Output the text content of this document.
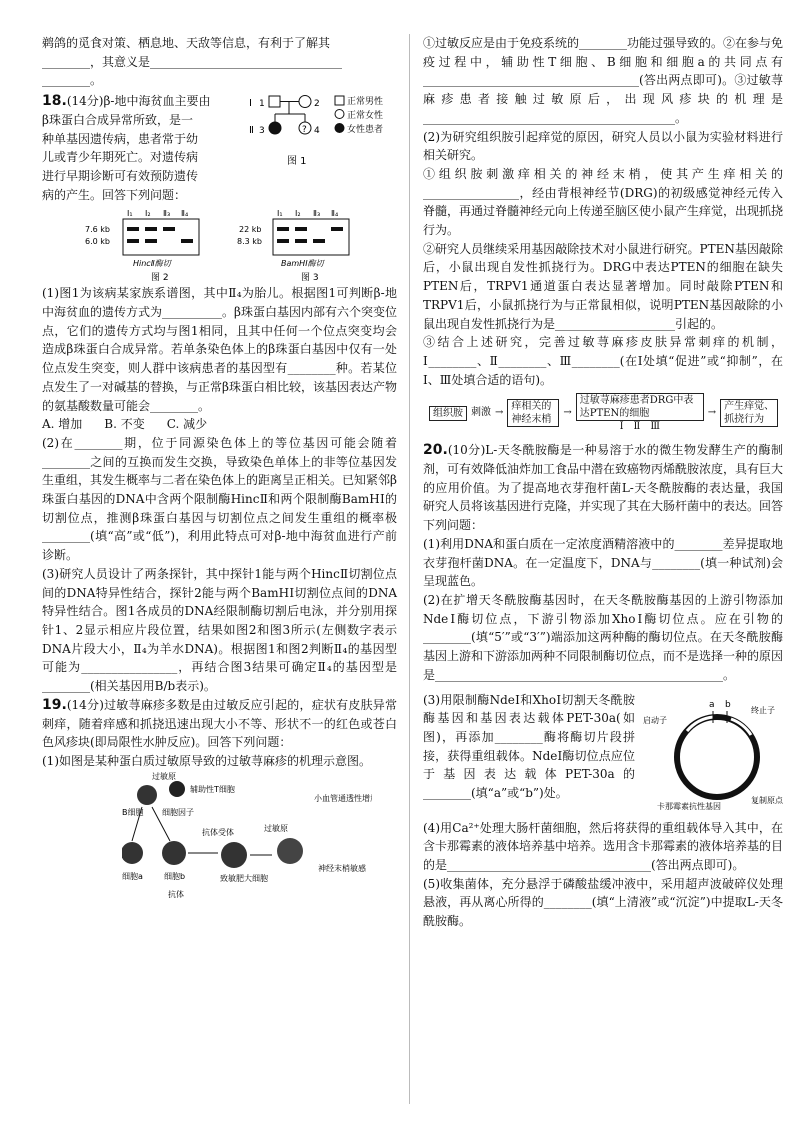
鹈鸽的觅食对策、栖息地、天敌等信息，有利于了解其

________，其意义是________________________________

________。

18.(14分)β-地中海贫血主要由

β珠蛋白合成异常所致，是一

种单基因遗传病，患者常于幼

儿或青少年期死亡。对遗传病

进行早期诊断可有效预防遗传

病的产生。回答下列问题：

Ⅰ 1	2
Ⅱ 3	? 4
图 1
正常男性
正常女性
女性患者
Ⅰ₁ Ⅰ₂ Ⅱ₃ Ⅱ₄
7.6 kb
6.0 kb
HincⅡ酶切
图 2
Ⅰ₁ Ⅰ₂ Ⅱ₃ Ⅱ₄
22 kb
8.3 kb
BamHⅠ酶切
图 3

(1)图1为该病某家族系谱图，其中Ⅱ₄为胎儿。根据图1可判断β-地中海贫血的遗传方式为__________。β珠蛋白基因内部有六个突变位点，它们的遗传方式均与图1相同，且其中任何一个位点突变均会造成β珠蛋白合成异常。若单条染色体上的β珠蛋白基因中仅有一处位点发生突变，则人群中该病患者的基因型有________种。若某位点发生了一对碱基的替换，与正常β珠蛋白相比较，该基因表达产物的氨基酸数量可能会________。

A. 增加 B. 不变 C. 减少

(2)在________期，位于同源染色体上的等位基因可能会随着________之间的互换而发生交换，导致染色单体上的非等位基因发生重组，其发生概率与二者在染色体上的距离呈正相关。已知紧邻β珠蛋白基因的DNA中含两个限制酶HincⅡ和两个限制酶BamHⅠ的切割位点，推测β珠蛋白基因与切割位点之间发生重组的概率极________(填“高”或“低”)，利用此特点可对β-地中海贫血进行产前诊断。

(3)研究人员设计了两条探针，其中探针1能与两个HincⅡ切割位点间的DNA特异性结合，探针2能与两个BamHⅠ切割位点间的DNA特异性结合。图1各成员的DNA经限制酶切割后电泳，并分别用探针1、2显示相应片段位置，结果如图2和图3所示(左侧数字表示DNA片段大小，Ⅱ₄为羊水DNA)。根据图1和图2判断Ⅱ₄的基因型可能为________________，再结合图3结果可确定Ⅱ₄的基因型是________(相关基因用B/b表示)。

19.(14分)过敏荨麻疹多数是由过敏反应引起的，症状有皮肤异常刺痒，随着痒感和抓挠迅速出现大小不等、形状不一的红色或苍白色风疹块(即局限性水肿反应)。回答下列问题：

(1)如图是某种蛋白质过敏原导致的过敏荨麻疹的机理示意图。

过敏原
辅助性T细胞
B细胞 细胞因子
细胞a	细胞b
抗体
抗体受体
致敏肥大细胞
过敏原
小血管通透性增加
神经末梢敏感

①过敏反应是由于免疫系统的________功能过强导致的。②在参与免疫过程中，辅助性T细胞、B细胞和细胞a的共同点有____________________________________(答出两点即可)。③过敏荨麻疹患者接触过敏原后，出现风疹块的机理是__________________________________________。

(2)为研究组织胺引起痒觉的原因，研究人员以小鼠为实验材料进行相关研究。

①组织胺刺激痒相关的神经末梢，使其产生痒相关的________________，经由背根神经节(DRG)的初级感觉神经元传入脊髓，再通过脊髓神经元向上传递至脑区使小鼠产生痒觉，出现抓挠行为。

②研究人员继续采用基因敲除技术对小鼠进行研究。PTEN基因敲除后，小鼠出现自发性抓挠行为。DRG中表达PTEN的细胞在缺失PTEN后，TRPV1通道蛋白表达显著增加。同时敲除PTEN和TRPV1后，小鼠抓挠行为与正常鼠相似，说明PTEN基因敲除的小鼠出现自发性抓挠行为是____________________引起的。

③结合上述研究，完善过敏荨麻疹皮肤异常刺痒的机制，Ⅰ________、Ⅱ________、Ⅲ________(在Ⅰ处填“促进”或“抑制”，在Ⅰ、Ⅲ处填合适的语句)。

组织胺 刺激 →
痒相关的神经末梢
→
过敏荨麻疹患者DRG中表达PTEN的细胞
Ⅰ　Ⅱ　Ⅲ
→
产生痒觉、抓挠行为

20.(10分)L-天冬酰胺酶是一种易溶于水的微生物发酵生产的酶制剂，可有效降低油炸加工食品中潜在致癌物丙烯酰胺浓度，具有巨大的应用价值。为了提高地衣芽孢杆菌L-天冬酰胺酶的表达量，我国研究人员将该基因进行克隆，并实现了其在大肠杆菌中的表达。回答下列问题：

(1)利用DNA和蛋白质在一定浓度酒精溶液中的________差异提取地衣芽孢杆菌DNA。在一定温度下，DNA与________(填一种试剂)会呈现蓝色。

(2)在扩增天冬酰胺酶基因时，在天冬酰胺酶基因的上游引物添加NdeⅠ酶切位点，下游引物添加XhoⅠ酶切位点。应在引物的________(填“5′”或“3′”)端添加这两种酶的酶切位点。在天冬酰胺酶基因上游和下游添加两种不同限制酶切位点，而不是选择一种的原因是________________________________________________。

(3)用限制酶NdeⅠ和XhoⅠ切割天冬酰胺酶基因和基因表达载体PET-30a(如图)，再添加________酶将酶切片段拼接，获得重组载体。NdeⅠ酶切位点应位于基因表达载体PET-30a的________(填“a”或“b”)处。

a b
启动子
终止子
卡那霉素抗性基因
复制原点

(4)用Ca²⁺处理大肠杆菌细胞，然后将获得的重组载体导入其中，在含卡那霉素的液体培养基中培养。选用含卡那霉素的液体培养基的目的是__________________________________(答出两点即可)。

(5)收集菌体，充分悬浮于磷酸盐缓冲液中，采用超声波破碎仪处理悬液，再从离心所得的________(填“上清液”或“沉淀”)中提取L-天冬酰胺酶。
